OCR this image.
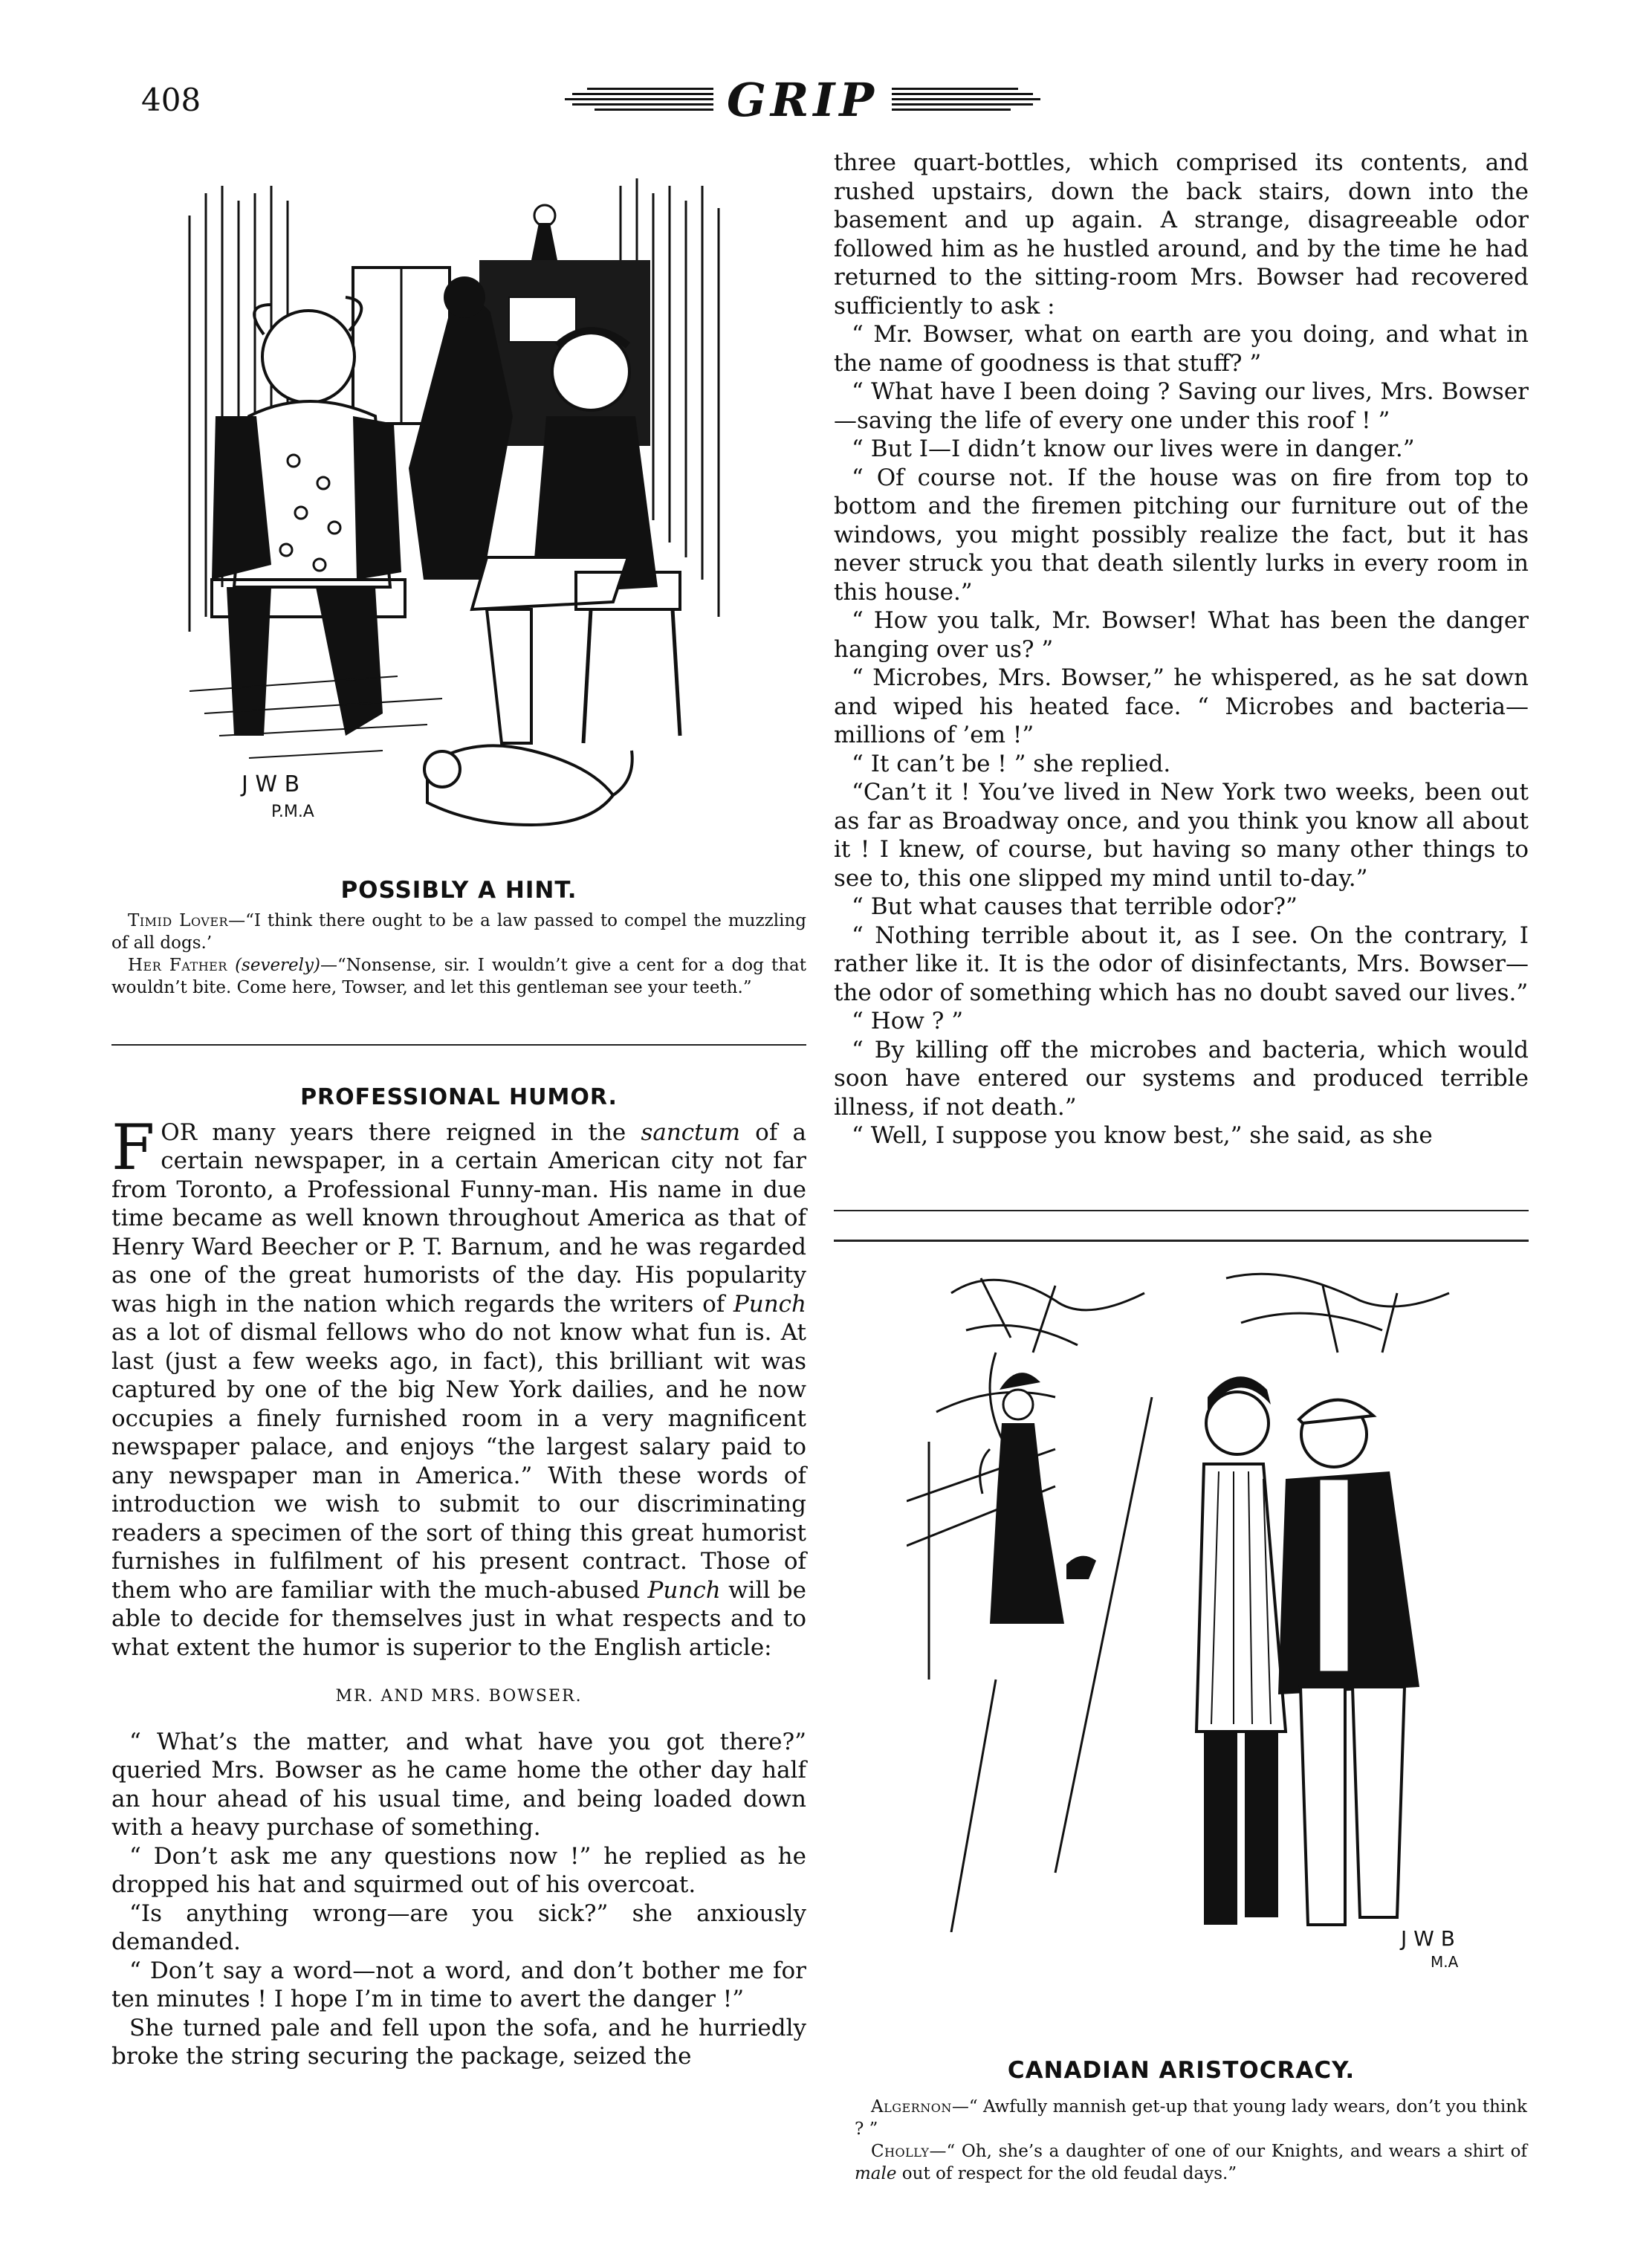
408	GRIP
J W B
P.M.A
POSSIBLY A HINT.

Timid Lover—“I think there ought to be a law passed to compel the muzzling of all dogs.’

Her Father (severely)—“Nonsense, sir. I wouldn’t give a cent for a dog that wouldn’t bite. Come here, Towser, and let this gentleman see your teeth.”

PROFESSIONAL HUMOR.

FOR many years there reigned in the sanctum of a certain newspaper, in a certain American city not far from Toronto, a Professional Funny-man. His name in due time became as well known throughout America as that of Henry Ward Beecher or P. T. Barnum, and he was regarded as one of the great humorists of the day. His popularity was high in the nation which regards the writers of Punch as a lot of dismal fellows who do not know what fun is. At last (just a few weeks ago, in fact), this brilliant wit was captured by one of the big New York dailies, and he now occupies a finely furnished room in a very magnificent newspaper palace, and enjoys “the largest salary paid to any newspaper man in America.” With these words of introduction we wish to submit to our discriminating readers a specimen of the sort of thing this great humorist furnishes in fulfilment of his present contract. Those of them who are familiar with the much-abused Punch will be able to decide for themselves just in what respects and to what extent the humor is superior to the English article:

MR. AND MRS. BOWSER.

“ What’s the matter, and what have you got there?” queried Mrs. Bowser as he came home the other day half an hour ahead of his usual time, and being loaded down with a heavy purchase of something.

“ Don’t ask me any questions now !” he replied as he dropped his hat and squirmed out of his overcoat.

“Is anything wrong—are you sick?” she anxiously demanded.

“ Don’t say a word—not a word, and don’t bother me for ten minutes ! I hope I’m in time to avert the danger !”

She turned pale and fell upon the sofa, and he hurriedly broke the string securing the package, seized the

three quart-bottles, which comprised its contents, and rushed upstairs, down the back stairs, down into the basement and up again. A strange, disagreeable odor followed him as he hustled around, and by the time he had returned to the sitting-room Mrs. Bowser had recovered sufficiently to ask :

“ Mr. Bowser, what on earth are you doing, and what in the name of goodness is that stuff? ”

“ What have I been doing ? Saving our lives, Mrs. Bowser—saving the life of every one under this roof ! ”

“ But I—I didn’t know our lives were in danger.”

“ Of course not. If the house was on fire from top to bottom and the firemen pitching our furniture out of the windows, you might possibly realize the fact, but it has never struck you that death silently lurks in every room in this house.”

“ How you talk, Mr. Bowser! What has been the danger hanging over us? ”

“ Microbes, Mrs. Bowser,” he whispered, as he sat down and wiped his heated face. “ Microbes and bacteria—millions of ’em !”

“ It can’t be ! ” she replied.

“Can’t it ! You’ve lived in New York two weeks, been out as far as Broadway once, and you think you know all about it ! I knew, of course, but having so many other things to see to, this one slipped my mind until to-day.”

“ But what causes that terrible odor?”

“ Nothing terrible about it, as I see. On the contrary, I rather like it. It is the odor of disinfectants, Mrs. Bowser—the odor of something which has no doubt saved our lives.”

“ How ? ”

“ By killing off the microbes and bacteria, which would soon have entered our systems and produced terrible illness, if not death.”

“ Well, I suppose you know best,” she said, as she

J W B
M.A
CANADIAN ARISTOCRACY.

Algernon—“ Awfully mannish get-up that young lady wears, don’t you think ? ”

Cholly—“ Oh, she’s a daughter of one of our Knights, and wears a shirt of male out of respect for the old feudal days.”
